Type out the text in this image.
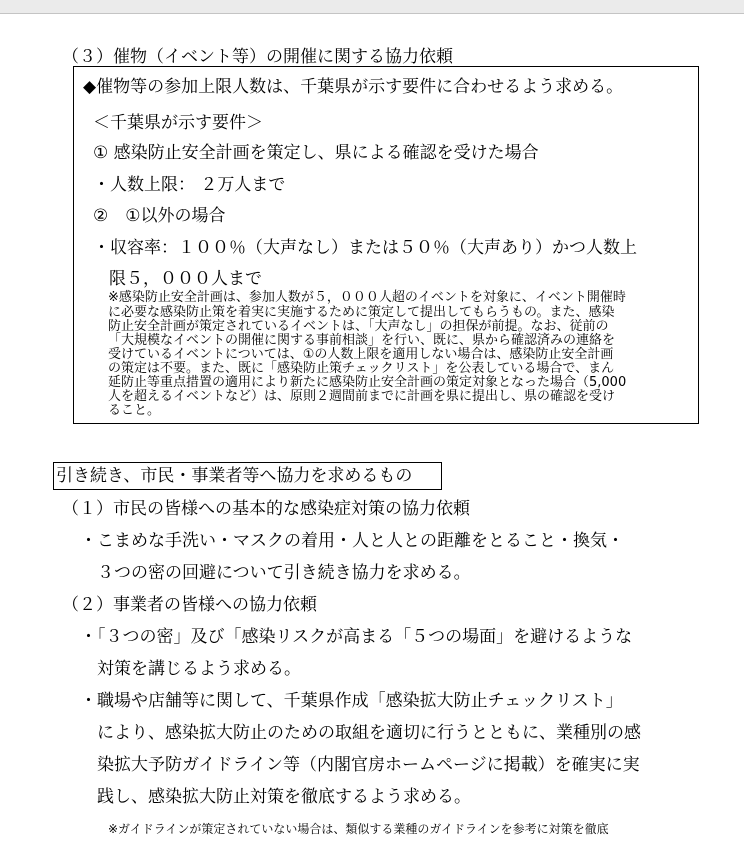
（３）催物（イベント等）の開催に関する協力依頼
◆催物等の参加上限人数は、千葉県が示す要件に合わせるよう求める。
＜千葉県が示す要件＞
① 感染防止安全計画を策定し、県による確認を受けた場合
・人数上限： ２万人まで
②　①以外の場合
・収容率：１００％（大声なし）または５０％（大声あり）かつ人数上
限５，０００人まで
※感染防止安全計画は、参加人数が５，０００人超のイベントを対象に、イベント開催時
に必要な感染防止策を着実に実施するために策定して提出してもらうもの。また、感染
防止安全計画が策定されているイベントは、「大声なし」の担保が前提。なお、従前の
「大規模なイベントの開催に関する事前相談」を行い、既に、県から確認済みの連絡を
受けているイベントについては、①の人数上限を適用しない場合は、感染防止安全計画
の策定は不要。また、既に「感染防止策チェックリスト」を公表している場合で、まん
延防止等重点措置の適用により新たに感染防止安全計画の策定対象となった場合（5,000
人を超えるイベントなど）は、原則２週間前までに計画を県に提出し、県の確認を受け
ること。
引き続き、市民・事業者等へ協力を求めるもの
（１）市民の皆様への基本的な感染症対策の協力依頼
・こまめな手洗い・マスクの着用・人と人との距離をとること・換気・
３つの密の回避について引き続き協力を求める。
（２）事業者の皆様への協力依頼
・「３つの密」及び「感染リスクが高まる「５つの場面」を避けるような
対策を講じるよう求める。
・職場や店舗等に関して、千葉県作成「感染拡大防止チェックリスト」
により、感染拡大防止のための取組を適切に行うとともに、業種別の感
染拡大予防ガイドライン等（内閣官房ホームページに掲載）を確実に実
践し、感染拡大防止対策を徹底するよう求める。
※ガイドラインが策定されていない場合は、類似する業種のガイドラインを参考に対策を徹底
